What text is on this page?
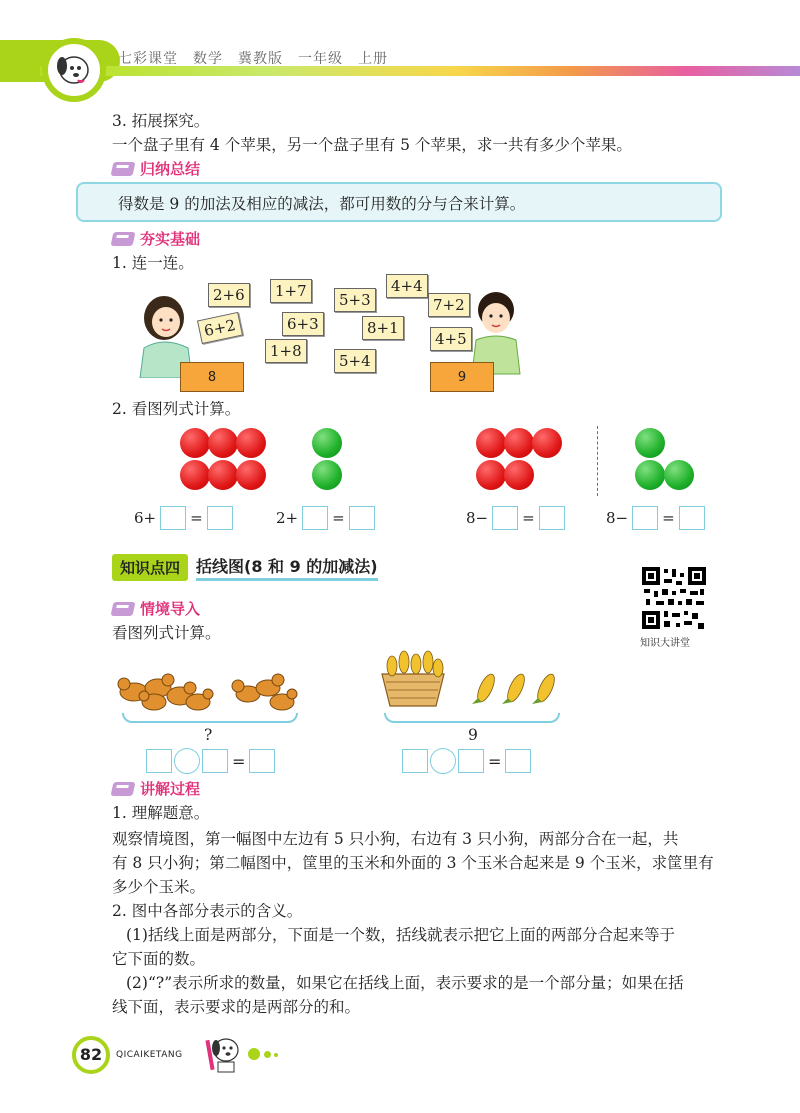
七彩课堂　数学　冀教版　一年级　上册
3. 拓展探究。
一个盘子里有 4 个苹果，另一个盘子里有 5 个苹果，求一共有多少个苹果。
归纳总结
得数是 9 的加法及相应的减法，都可用数的分与合来计算。
夯实基础
1. 连一连。
2+6	1+7	5+3
4+4
7+2
6+2	6+3	8+1
4+5
1+8
5+4
8	9
2. 看图列式计算。
6+ =	2+ =	8− =	8− =
知识点四	括线图(8 和 9 的加减法)
知识大讲堂
情境导入
看图列式计算。
?
=
9
=
讲解过程
1. 理解题意。
观察情境图，第一幅图中左边有 5 只小狗，右边有 3 只小狗，两部分合在一起，共
有 8 只小狗；第二幅图中，筐里的玉米和外面的 3 个玉米合起来是 9 个玉米，求筐里有
多少个玉米。
2. 图中各部分表示的含义。
(1)括线上面是两部分，下面是一个数，括线就表示把它上面的两部分合起来等于
它下面的数。
(2)“?”表示所求的数量，如果它在括线上面，表示要求的是一个部分量；如果在括
线下面，表示要求的是两部分的和。
82	QICAIKETANG
